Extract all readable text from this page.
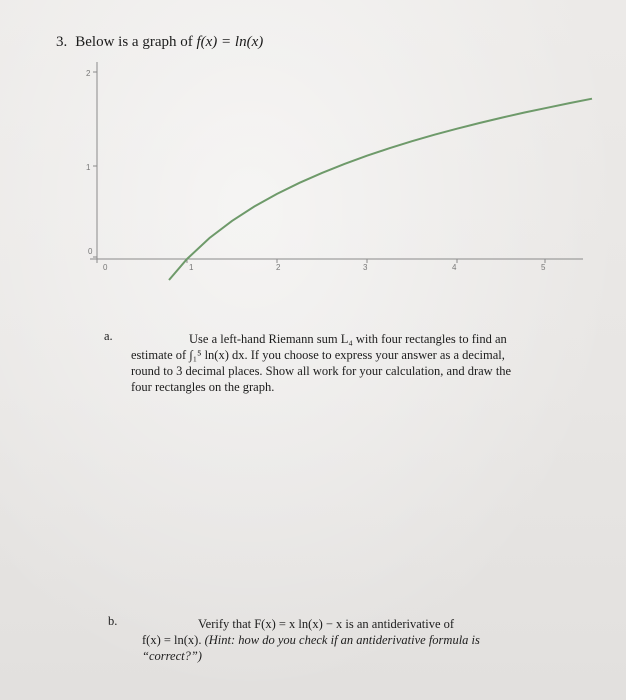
3. Below is a graph of f(x) = ln(x)
2
1
0
0	1	2	3	4	5
a.	Use a left-hand Riemann sum L₄ with four rectangles to find an
estimate of ∫₁⁵ ln(x) dx. If you choose to express your answer as a decimal,
round to 3 decimal places. Show all work for your calculation, and draw the
four rectangles on the graph.
b.	Verify that F(x) = x ln(x) − x is an antiderivative of
f(x) = ln(x). (Hint: how do you check if an antiderivative formula is
“correct?”)
